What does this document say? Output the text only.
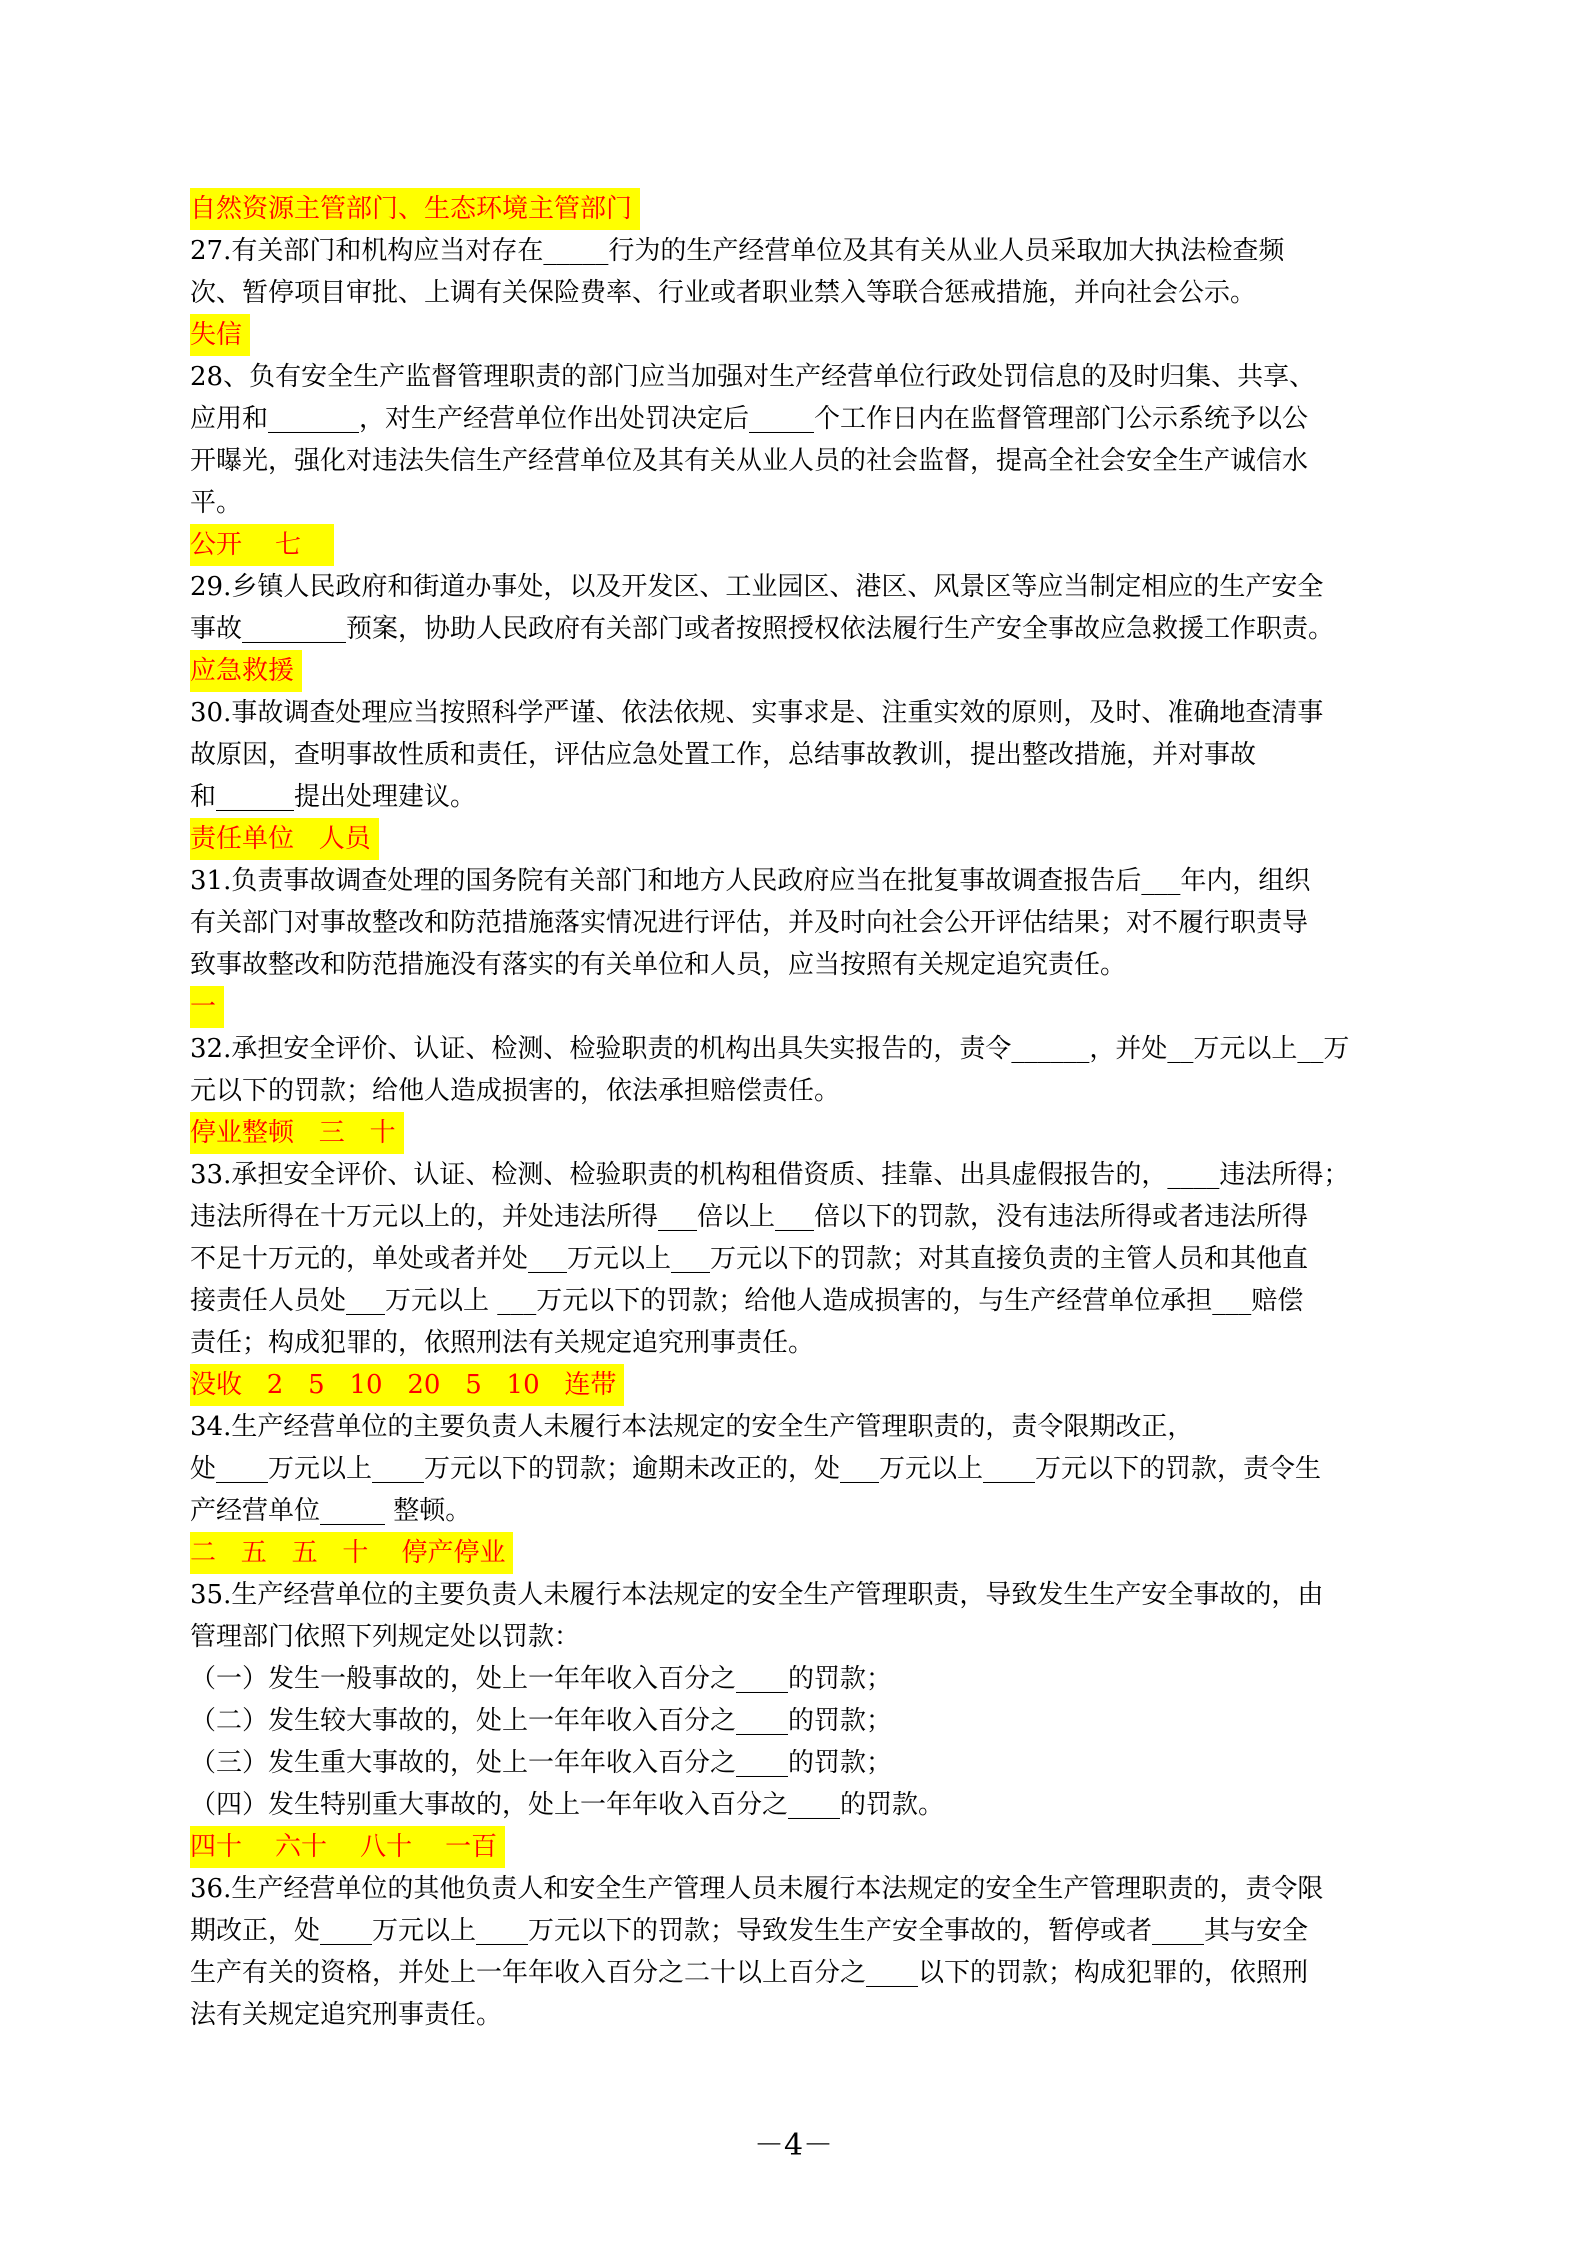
自然资源主管部门、生态环境主管部门
27.有关部门和机构应当对存在_____行为的生产经营单位及其有关从业人员采取加大执法检查频
次、暂停项目审批、上调有关保险费率、行业或者职业禁入等联合惩戒措施，并向社会公示。
失信
28、负有安全生产监督管理职责的部门应当加强对生产经营单位行政处罚信息的及时归集、共享、
应用和_______，对生产经营单位作出处罚决定后_____个工作日内在监督管理部门公示系统予以公
开曝光，强化对违法失信生产经营单位及其有关从业人员的社会监督，提高全社会安全生产诚信水
平。
公开    七
29.乡镇人民政府和街道办事处，以及开发区、工业园区、港区、风景区等应当制定相应的生产安全
事故________预案，协助人民政府有关部门或者按照授权依法履行生产安全事故应急救援工作职责。
应急救援
30.事故调查处理应当按照科学严谨、依法依规、实事求是、注重实效的原则，及时、准确地查清事
故原因，查明事故性质和责任，评估应急处置工作，总结事故教训，提出整改措施，并对事故
和______提出处理建议。
责任单位   人员
31.负责事故调查处理的国务院有关部门和地方人民政府应当在批复事故调查报告后___年内，组织
有关部门对事故整改和防范措施落实情况进行评估，并及时向社会公开评估结果；对不履行职责导
致事故整改和防范措施没有落实的有关单位和人员，应当按照有关规定追究责任。
一
32.承担安全评价、认证、检测、检验职责的机构出具失实报告的，责令______，并处__万元以上__万
元以下的罚款；给他人造成损害的，依法承担赔偿责任。
停业整顿   三   十
33.承担安全评价、认证、检测、检验职责的机构租借资质、挂靠、出具虚假报告的，____违法所得；
违法所得在十万元以上的，并处违法所得___倍以上___倍以下的罚款，没有违法所得或者违法所得
不足十万元的，单处或者并处___万元以上___万元以下的罚款；对其直接负责的主管人员和其他直
接责任人员处___万元以上 ___万元以下的罚款；给他人造成损害的，与生产经营单位承担___赔偿
责任；构成犯罪的，依照刑法有关规定追究刑事责任。
没收   2   5   10   20   5   10   连带
34.生产经营单位的主要负责人未履行本法规定的安全生产管理职责的，责令限期改正，
处____万元以上____万元以下的罚款；逾期未改正的，处___万元以上____万元以下的罚款，责令生
产经营单位_____ 整顿。
二   五   五   十    停产停业
35.生产经营单位的主要负责人未履行本法规定的安全生产管理职责，导致发生生产安全事故的，由
管理部门依照下列规定处以罚款：
（一）发生一般事故的，处上一年年收入百分之____的罚款；
（二）发生较大事故的，处上一年年收入百分之____的罚款；
（三）发生重大事故的，处上一年年收入百分之____的罚款；
（四）发生特别重大事故的，处上一年年收入百分之____的罚款。
四十    六十    八十    一百
36.生产经营单位的其他负责人和安全生产管理人员未履行本法规定的安全生产管理职责的，责令限
期改正，处____万元以上____万元以下的罚款；导致发生生产安全事故的，暂停或者____其与安全
生产有关的资格，并处上一年年收入百分之二十以上百分之____以下的罚款；构成犯罪的，依照刑
法有关规定追究刑事责任。
－4－
